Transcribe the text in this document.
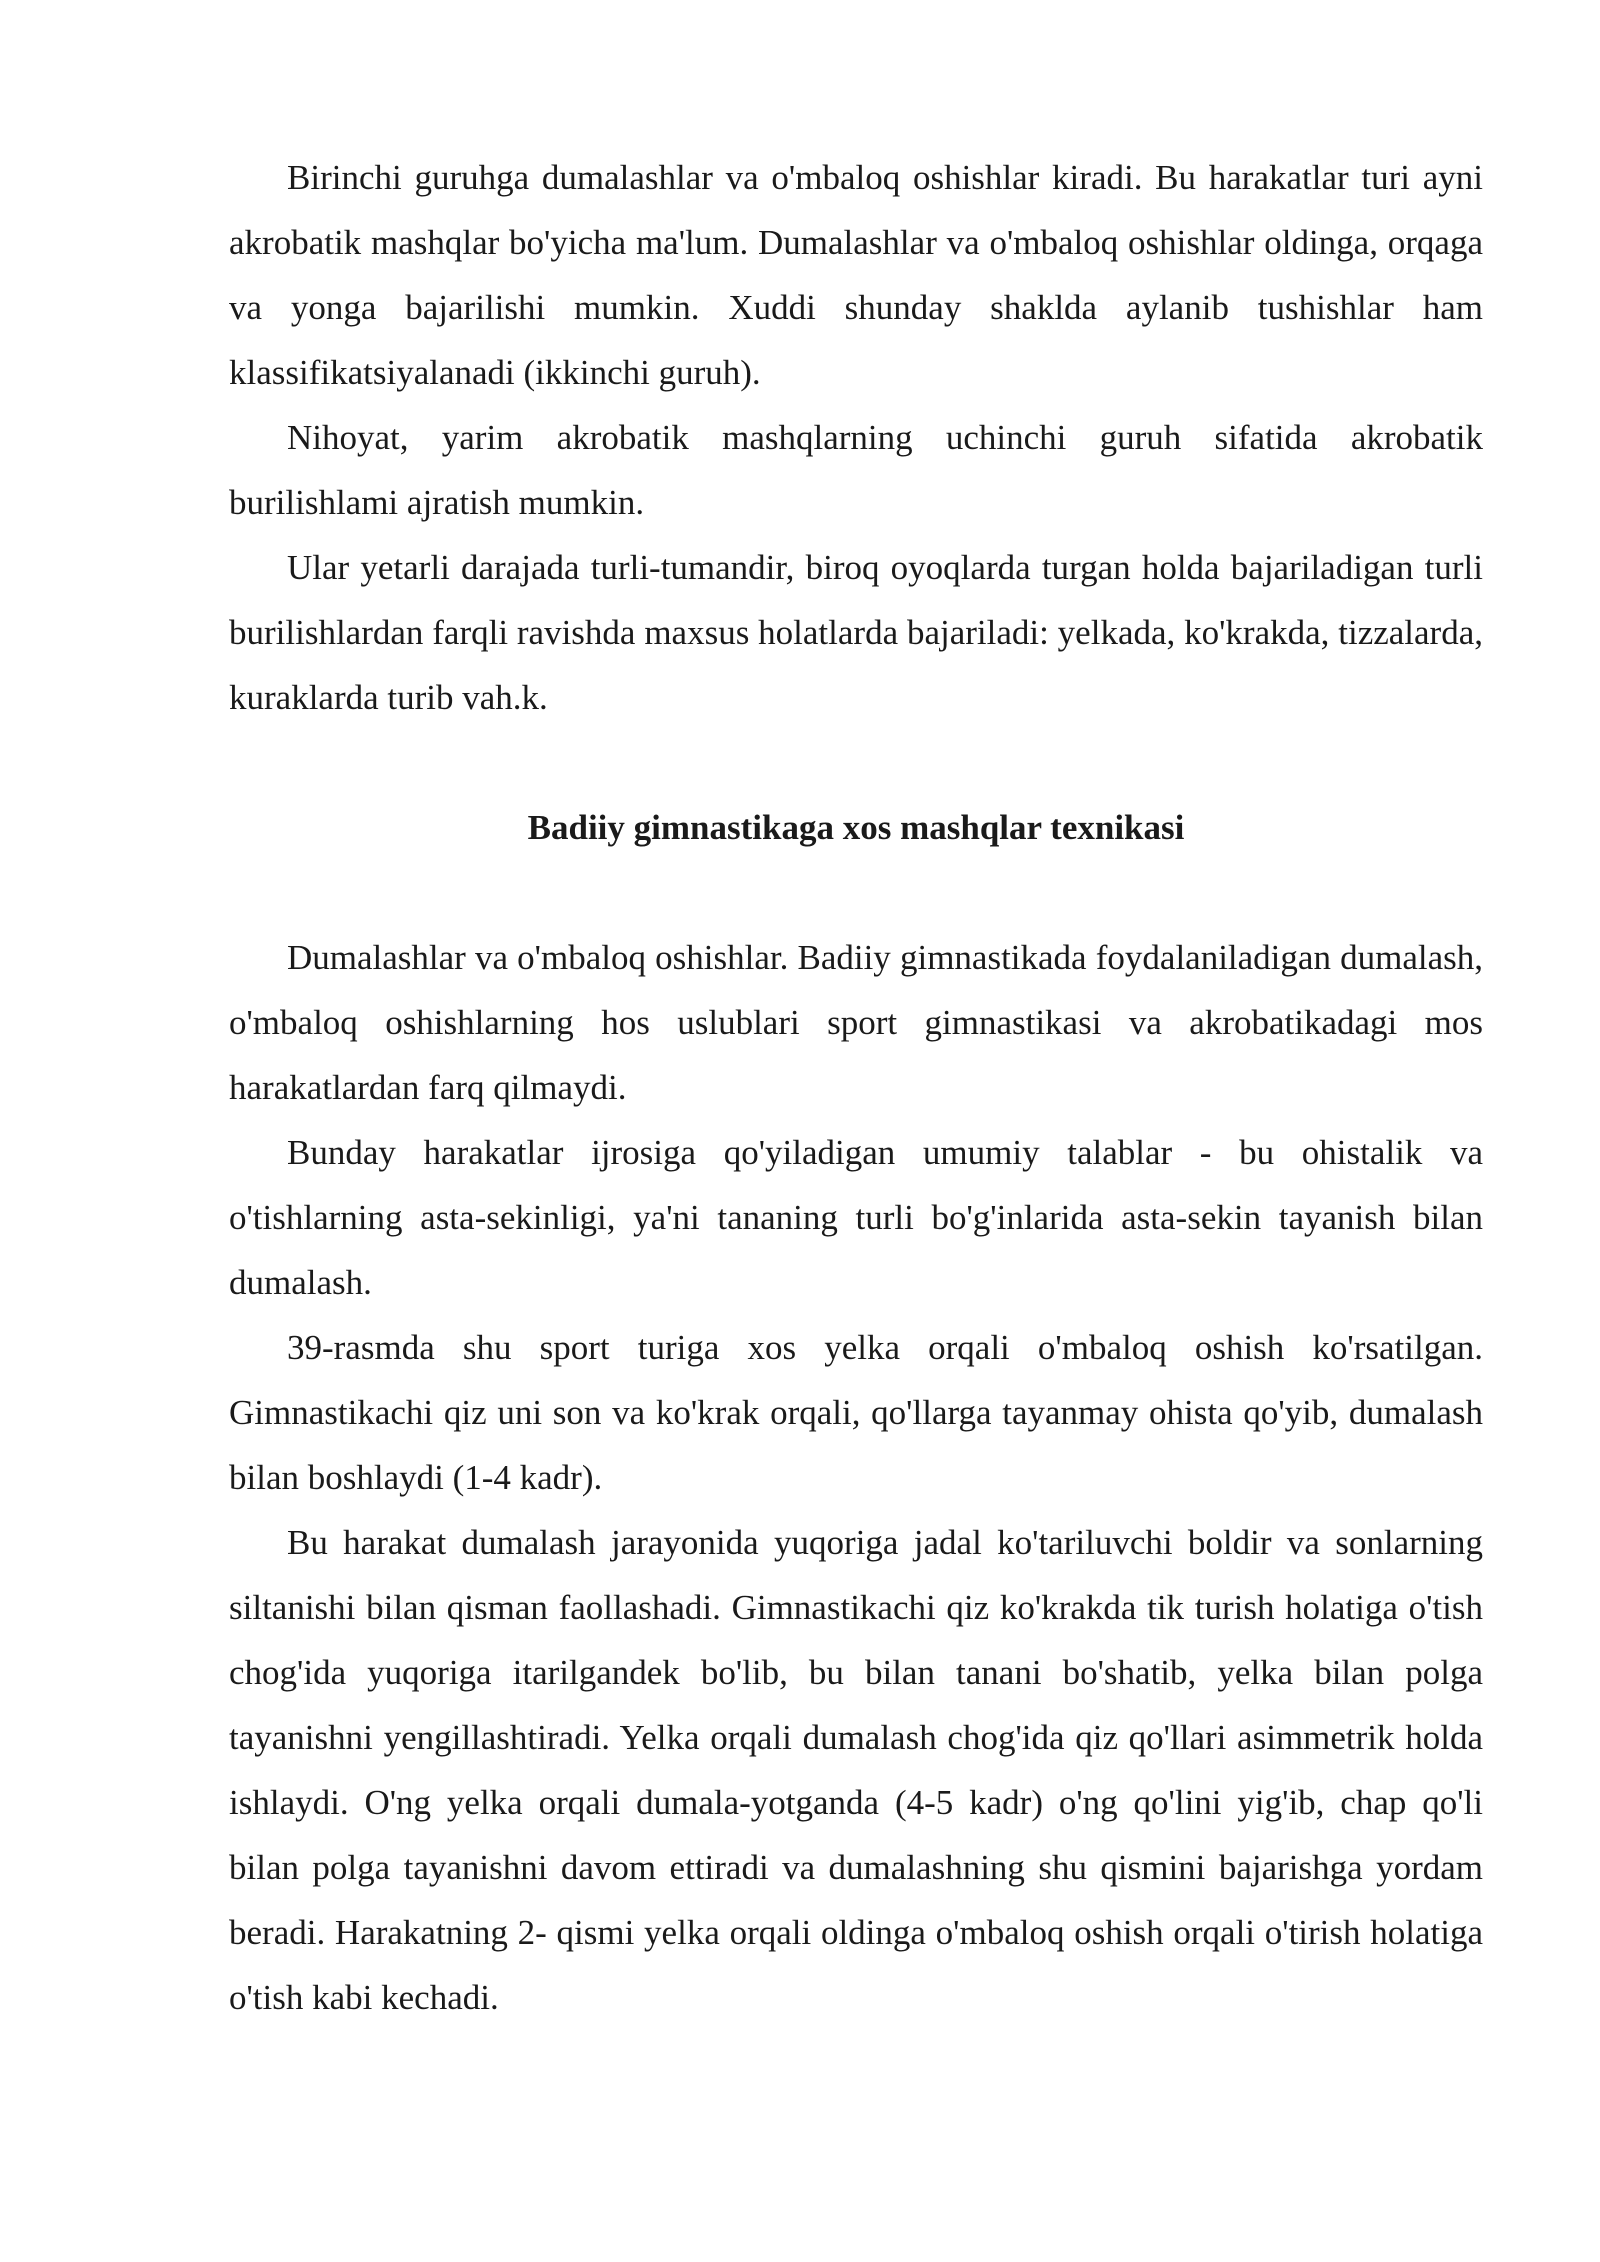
Birinchi guruhga dumalashlar va o'mbaloq oshishlar kiradi. Bu harakatlar turi ayni akrobatik mashqlar bo'yicha ma'lum. Dumalashlar va o'mbaloq oshishlar oldinga, orqaga va yonga bajarilishi mumkin. Xuddi shunday shaklda aylanib tushishlar ham klassifikatsiyalanadi (ikkinchi guruh).

Nihoyat, yarim akrobatik mashqlarning uchinchi guruh sifatida akrobatik burilishlami ajratish mumkin.

Ular yetarli darajada turli-tumandir, biroq oyoqlarda turgan holda bajariladigan turli burilishlardan farqli ravishda maxsus holatlarda bajariladi: yelkada, ko'krakda, tizzalarda, kuraklarda turib vah.k.

Badiiy gimnastikaga xos mashqlar texnikasi

Dumalashlar va o'mbaloq oshishlar. Badiiy gimnastikada foydalaniladigan dumalash, o'mbaloq oshishlarning hos uslublari sport gimnastikasi va akrobatikadagi mos harakatlardan farq qilmaydi.

Bunday harakatlar ijrosiga qo'yiladigan umumiy talablar - bu ohistalik va o'tishlarning asta-sekinligi, ya'ni tananing turli bo'g'inlarida asta-sekin tayanish bilan dumalash.

39-rasmda shu sport turiga xos yelka orqali o'mbaloq oshish ko'rsatilgan. Gimnastikachi qiz uni son va ko'krak orqali, qo'llarga tayanmay ohista qo'yib, dumalash bilan boshlaydi (1-4 kadr).

Bu harakat dumalash jarayonida yuqoriga jadal ko'tariluvchi boldir va sonlarning siltanishi bilan qisman faollashadi. Gimnastikachi qiz ko'krakda tik turish holatiga o'tish chog'ida yuqoriga itarilgandek bo'lib, bu bilan tanani bo'shatib, yelka bilan polga tayanishni yengillashtiradi. Yelka orqali dumalash chog'ida qiz qo'llari asimmetrik holda ishlaydi. O'ng yelka orqali dumala-yotganda (4-5 kadr) o'ng qo'lini yig'ib, chap qo'li bilan polga tayanishni davom ettiradi va dumalashning shu qismini bajarishga yordam beradi. Harakatning 2- qismi yelka orqali oldinga o'mbaloq oshish orqali o'tirish holatiga o'tish kabi kechadi.
